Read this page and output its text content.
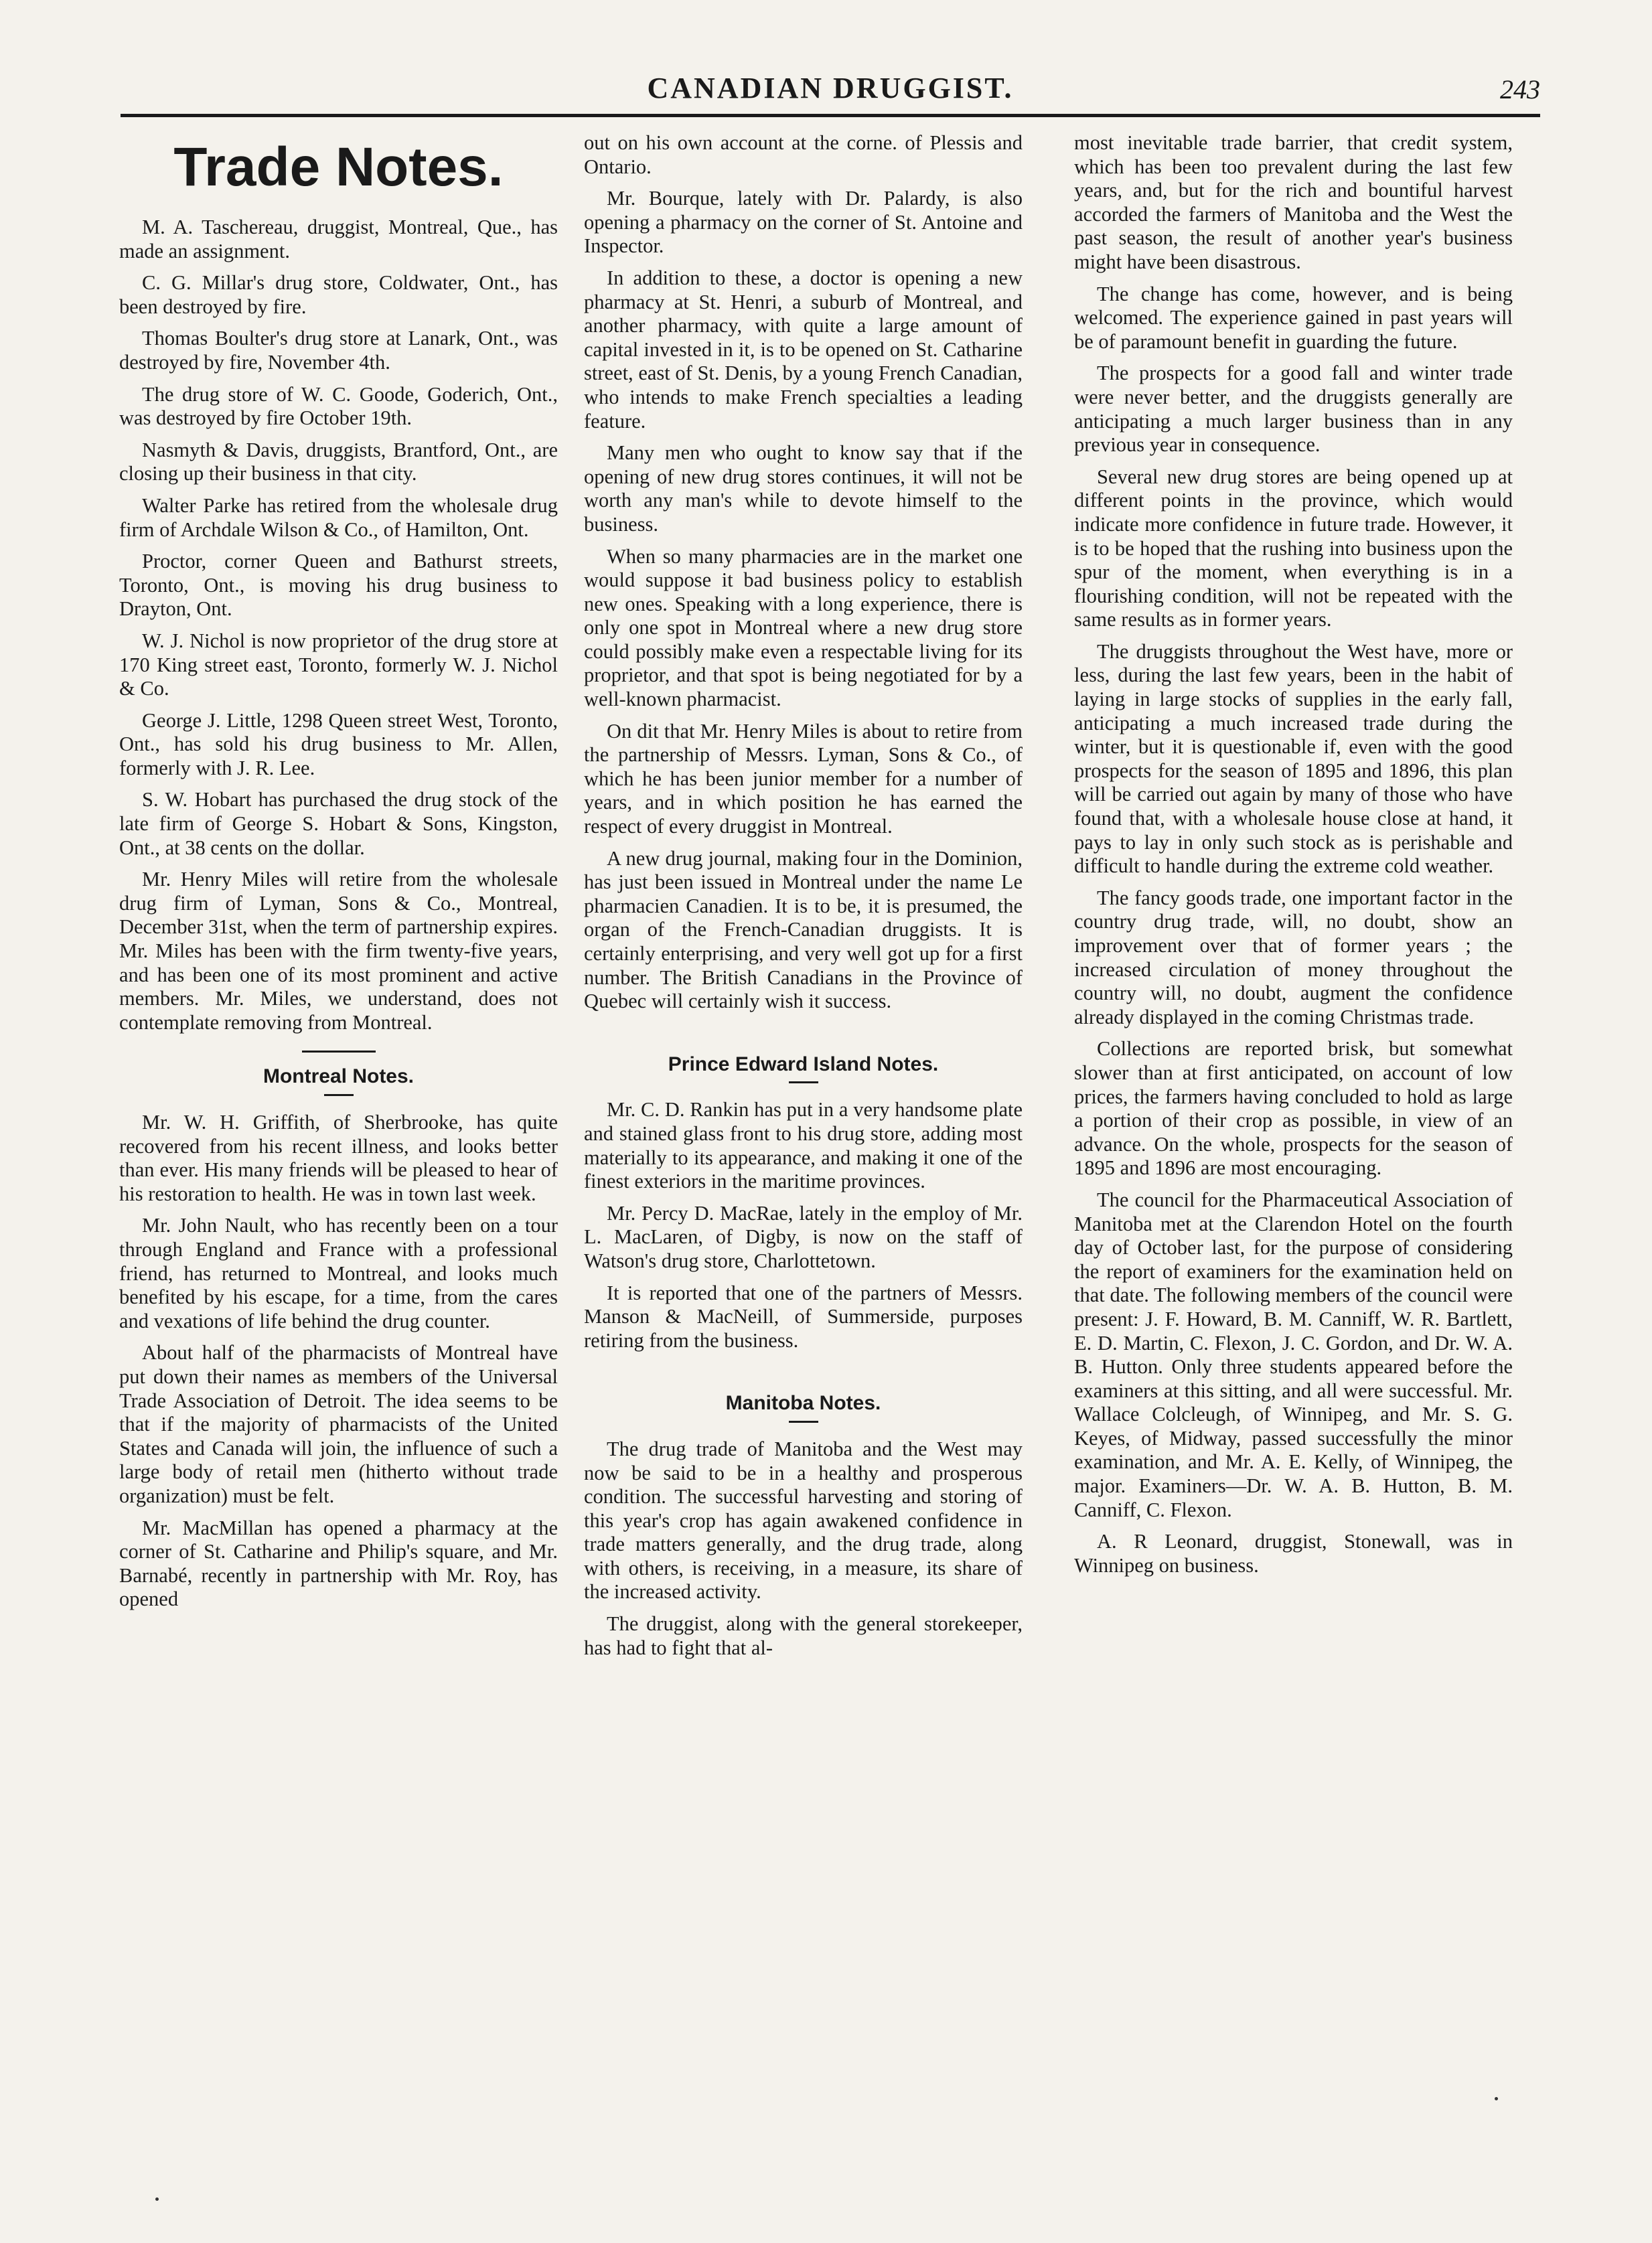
CANADIAN DRUGGIST.	243
Trade Notes.

M. A. Taschereau, druggist, Montreal, Que., has made an assignment.

C. G. Millar's drug store, Coldwater, Ont., has been destroyed by fire.

Thomas Boulter's drug store at Lanark, Ont., was destroyed by fire, November 4th.

The drug store of W. C. Goode, Goderich, Ont., was destroyed by fire October 19th.

Nasmyth & Davis, druggists, Brantford, Ont., are closing up their business in that city.

Walter Parke has retired from the wholesale drug firm of Archdale Wilson & Co., of Hamilton, Ont.

Proctor, corner Queen and Bathurst streets, Toronto, Ont., is moving his drug business to Drayton, Ont.

W. J. Nichol is now proprietor of the drug store at 170 King street east, Toronto, formerly W. J. Nichol & Co.

George J. Little, 1298 Queen street West, Toronto, Ont., has sold his drug business to Mr. Allen, formerly with J. R. Lee.

S. W. Hobart has purchased the drug stock of the late firm of George S. Hobart & Sons, Kingston, Ont., at 38 cents on the dollar.

Mr. Henry Miles will retire from the wholesale drug firm of Lyman, Sons & Co., Montreal, December 31st, when the term of partnership expires. Mr. Miles has been with the firm twenty-five years, and has been one of its most prominent and active members. Mr. Miles, we understand, does not contemplate removing from Montreal.

Montreal Notes.

Mr. W. H. Griffith, of Sherbrooke, has quite recovered from his recent illness, and looks better than ever. His many friends will be pleased to hear of his restoration to health. He was in town last week.

Mr. John Nault, who has recently been on a tour through England and France with a professional friend, has returned to Montreal, and looks much benefited by his escape, for a time, from the cares and vexations of life behind the drug counter.

About half of the pharmacists of Montreal have put down their names as members of the Universal Trade Association of Detroit. The idea seems to be that if the majority of pharmacists of the United States and Canada will join, the influence of such a large body of retail men (hitherto without trade organization) must be felt.

Mr. MacMillan has opened a pharmacy at the corner of St. Catharine and Philip's square, and Mr. Barnabé, recently in partnership with Mr. Roy, has opened

out on his own account at the corne. of Plessis and Ontario.

Mr. Bourque, lately with Dr. Palardy, is also opening a pharmacy on the corner of St. Antoine and Inspector.

In addition to these, a doctor is opening a new pharmacy at St. Henri, a suburb of Montreal, and another pharmacy, with quite a large amount of capital invested in it, is to be opened on St. Catharine street, east of St. Denis, by a young French Canadian, who intends to make French specialties a leading feature.

Many men who ought to know say that if the opening of new drug stores continues, it will not be worth any man's while to devote himself to the business.

When so many pharmacies are in the market one would suppose it bad business policy to establish new ones. Speaking with a long experience, there is only one spot in Montreal where a new drug store could possibly make even a respectable living for its proprietor, and that spot is being negotiated for by a well-known pharmacist.

On dit that Mr. Henry Miles is about to retire from the partnership of Messrs. Lyman, Sons & Co., of which he has been junior member for a number of years, and in which position he has earned the respect of every druggist in Montreal.

A new drug journal, making four in the Dominion, has just been issued in Montreal under the name Le pharmacien Canadien. It is to be, it is presumed, the organ of the French-Canadian druggists. It is certainly enterprising, and very well got up for a first number. The British Canadians in the Province of Quebec will certainly wish it success.

Prince Edward Island Notes.

Mr. C. D. Rankin has put in a very handsome plate and stained glass front to his drug store, adding most materially to its appearance, and making it one of the finest exteriors in the maritime provinces.

Mr. Percy D. MacRae, lately in the employ of Mr. L. MacLaren, of Digby, is now on the staff of Watson's drug store, Charlottetown.

It is reported that one of the partners of Messrs. Manson & MacNeill, of Summerside, purposes retiring from the business.

Manitoba Notes.

The drug trade of Manitoba and the West may now be said to be in a healthy and prosperous condition. The successful harvesting and storing of this year's crop has again awakened confidence in trade matters generally, and the drug trade, along with others, is receiving, in a measure, its share of the increased activity.

The druggist, along with the general storekeeper, has had to fight that al-

most inevitable trade barrier, that credit system, which has been too prevalent during the last few years, and, but for the rich and bountiful harvest accorded the farmers of Manitoba and the West the past season, the result of another year's business might have been disastrous.

The change has come, however, and is being welcomed. The experience gained in past years will be of paramount benefit in guarding the future.

The prospects for a good fall and winter trade were never better, and the druggists generally are anticipating a much larger business than in any previous year in consequence.

Several new drug stores are being opened up at different points in the province, which would indicate more confidence in future trade. However, it is to be hoped that the rushing into business upon the spur of the moment, when everything is in a flourishing condition, will not be repeated with the same results as in former years.

The druggists throughout the West have, more or less, during the last few years, been in the habit of laying in large stocks of supplies in the early fall, anticipating a much increased trade during the winter, but it is questionable if, even with the good prospects for the season of 1895 and 1896, this plan will be carried out again by many of those who have found that, with a wholesale house close at hand, it pays to lay in only such stock as is perishable and difficult to handle during the extreme cold weather.

The fancy goods trade, one important factor in the country drug trade, will, no doubt, show an improvement over that of former years ; the increased circulation of money throughout the country will, no doubt, augment the confidence already displayed in the coming Christmas trade.

Collections are reported brisk, but somewhat slower than at first anticipated, on account of low prices, the farmers having concluded to hold as large a portion of their crop as possible, in view of an advance. On the whole, prospects for the season of 1895 and 1896 are most encouraging.

The council for the Pharmaceutical Association of Manitoba met at the Clarendon Hotel on the fourth day of October last, for the purpose of considering the report of examiners for the examination held on that date. The following members of the council were present: J. F. Howard, B. M. Canniff, W. R. Bartlett, E. D. Martin, C. Flexon, J. C. Gordon, and Dr. W. A. B. Hutton. Only three students appeared before the examiners at this sitting, and all were successful. Mr. Wallace Colcleugh, of Winnipeg, and Mr. S. G. Keyes, of Midway, passed successfully the minor examination, and Mr. A. E. Kelly, of Winnipeg, the major. Examiners—Dr. W. A. B. Hutton, B. M. Canniff, C. Flexon.

A. R Leonard, druggist, Stonewall, was in Winnipeg on business.
